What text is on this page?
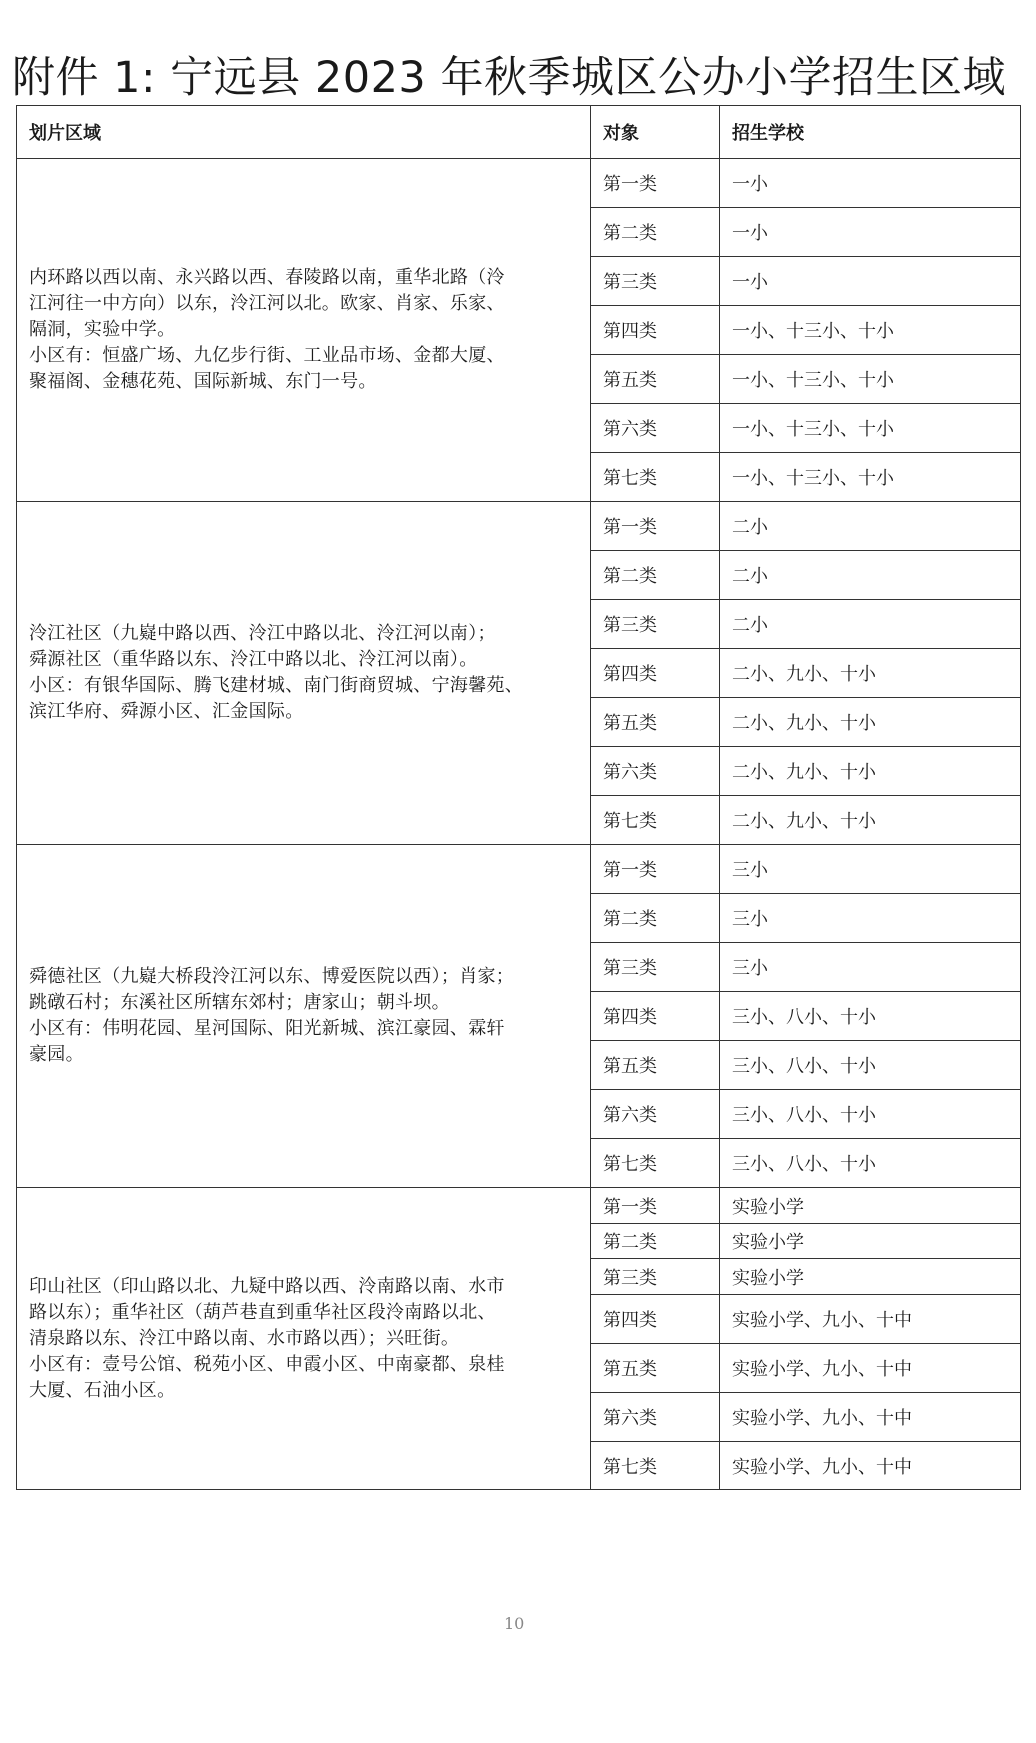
附件 1: 宁远县 2023 年秋季城区公办小学招生区域
划片区域	对象	招生学校

内环路以西以南、永兴路以西、春陵路以南，重华北路（泠
江河往一中方向）以东，泠江河以北。欧家、肖家、乐家、
隔洞，实验中学。
小区有：恒盛广场、九亿步行街、工业品市场、金都大厦、
聚福阁、金穗花苑、国际新城、东门一号。	第一类	一小
	第二类	一小
	第三类	一小
	第四类	一小、十三小、十小
	第五类	一小、十三小、十小
	第六类	一小、十三小、十小
	第七类	一小、十三小、十小

泠江社区（九嶷中路以西、泠江中路以北、泠江河以南）；
舜源社区（重华路以东、泠江中路以北、泠江河以南）。
小区：有银华国际、腾飞建材城、南门街商贸城、宁海馨苑、
滨江华府、舜源小区、汇金国际。	第一类	二小
	第二类	二小
	第三类	二小
	第四类	二小、九小、十小
	第五类	二小、九小、十小
	第六类	二小、九小、十小
	第七类	二小、九小、十小

舜德社区（九嶷大桥段泠江河以东、博爱医院以西）；肖家；
跳礅石村；东溪社区所辖东郊村；唐家山；朝斗坝。
小区有：伟明花园、星河国际、阳光新城、滨江豪园、霖轩
豪园。	第一类	三小
	第二类	三小
	第三类	三小
	第四类	三小、八小、十小
	第五类	三小、八小、十小
	第六类	三小、八小、十小
	第七类	三小、八小、十小

印山社区（印山路以北、九疑中路以西、泠南路以南、水市
路以东）；重华社区（葫芦巷直到重华社区段泠南路以北、
清泉路以东、泠江中路以南、水市路以西）；兴旺街。
小区有：壹号公馆、税苑小区、申霞小区、中南豪都、泉桂
大厦、石油小区。	第一类	实验小学
	第二类	实验小学
	第三类	实验小学
	第四类	实验小学、九小、十中
	第五类	实验小学、九小、十中
	第六类	实验小学、九小、十中
	第七类	实验小学、九小、十中
10
